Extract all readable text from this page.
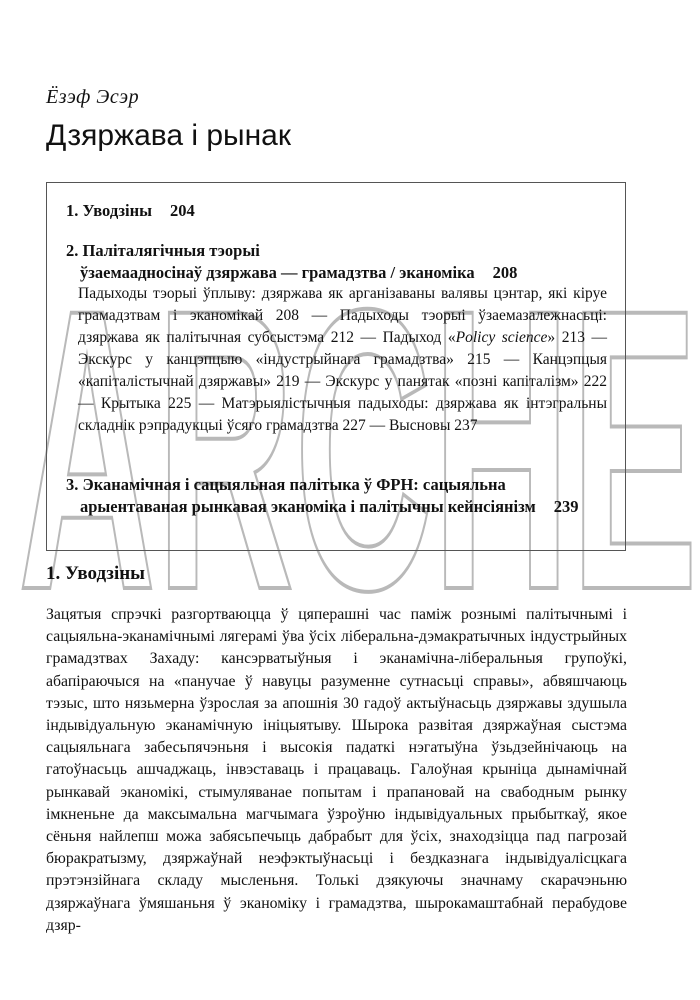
ARCHE
Ёзэф Эсэр
Дзяржава і рынак
1. Уводзіны 204
2. Паліталягічныя тэорыі
ўзаемаадносінаў дзяржава — грамадзтва / эканоміка 208
Падыходы тэорыі ўплыву: дзяржава як арганізаваны валявы цэнтар, які кіруе грамадзтвам і эканомікай 208 — Падыходы тэорыі ўзаемазалежнасьці: дзяржава як палітычная субсыстэма 212 — Падыход «Policy science» 213 — Экскурс у канцэпцыю «індустрыйнага грамадзтва» 215 — Канцэпцыя «капіталістычнай дзяржавы» 219 — Экскурс у панятак «позні капіталізм» 222 — Крытыка 225 — Матэрыялістычныя падыходы: дзяржава як інтэгральны складнік рэпрадукцыі ўсяго грамадзтва 227 — Высновы 237
3. Эканамічная і сацыяльная палітыка ў ФРН: сацыяльна
арыентаваная рынкавая эканоміка і палітычны кейнсіянізм 239
1. Уводзіны

Зацятыя спрэчкі разгортваюцца ў цяперашні час паміж рознымі палітычнымі і сацыяльна-эканамічнымі лягерамі ўва ўсіх ліберальна-дэмакратычных індустрыйных грамадзтвах Захаду: кансэрватыўныя і эканамічна-ліберальныя групоўкі, абапіраючыся на «панучае ў навуцы разуменне сутнасьці справы», абвяшчаюць тэзыс, што нязьмерна ўзрослая за апошнія 30 гадоў актыўнасьць дзяржавы здушыла індывідуальную эканамічную ініцыятыву. Шырока развітая дзяржаўная сыстэма сацыяльнага забесьпячэньня і высокія падаткі нэгатыўна ўзьдзейнічаюць на гатоўнасьць ашчаджаць, інвэставаць і працаваць. Галоўная крыніца дынамічнай рынкавай эканомікі, стымуляванае попытам і прапановай на свабодным рынку імкненьне да максымальна магчымага ўзроўню індывідуальных прыбыткаў, якое сёньня найлепш можа забясьпечыць дабрабыт для ўсіх, знаходзіцца пад пагрозай бюракратызму, дзяржаўнай неэфэктыўнасьці і бездказнага індывідуалісцкага прэтэнзійнага складу мысленьня. Толькі дзякуючы значнаму скарачэньню дзяржаўнага ўмяшаньня ў эканоміку і грамадзтва, шырокамаштабнай перабудове дзяр-
